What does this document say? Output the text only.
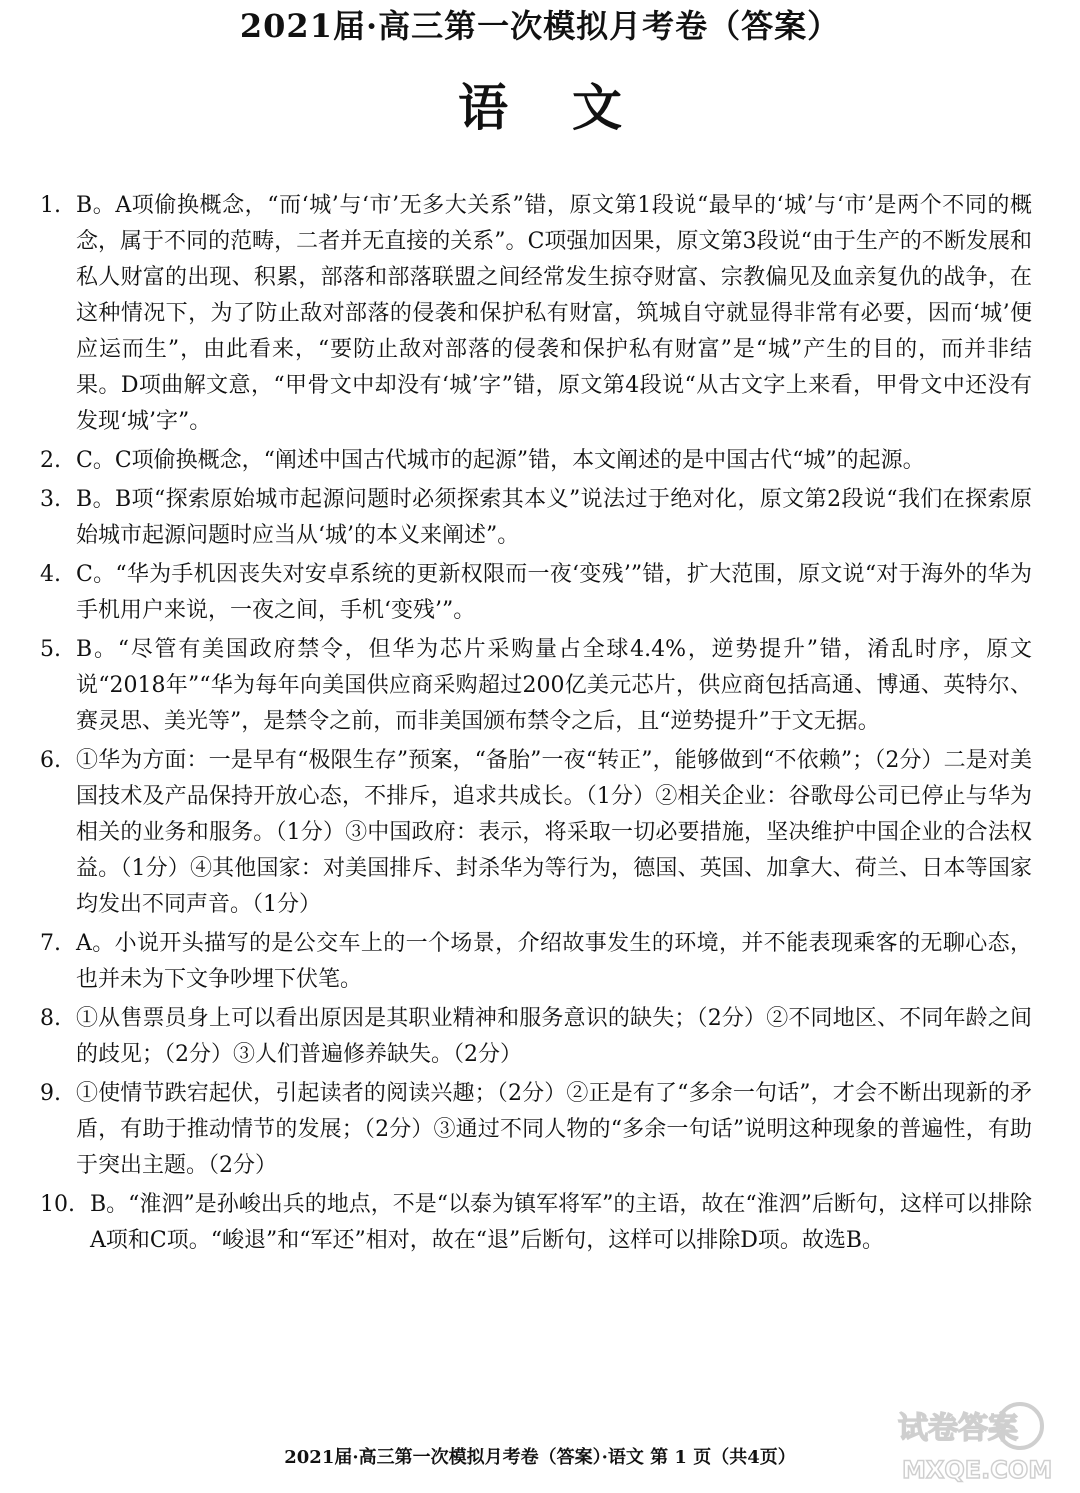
2021届·高三第一次模拟月考卷（答案）
语文
1. B。A项偷换概念，“而‘城’与‘市’无多大关系”错，原文第1段说“最早的‘城’与‘市’是两个不同的概念，属于不同的范畴，二者并无直接的关系”。C项强加因果，原文第3段说“由于生产的不断发展和私人财富的出现、积累，部落和部落联盟之间经常发生掠夺财富、宗教偏见及血亲复仇的战争，在这种情况下，为了防止敌对部落的侵袭和保护私有财富，筑城自守就显得非常有必要，因而‘城’便应运而生”，由此看来，“要防止敌对部落的侵袭和保护私有财富”是“城”产生的目的，而并非结果。D项曲解文意，“甲骨文中却没有‘城’字”错，原文第4段说“从古文字上来看，甲骨文中还没有发现‘城’字”。
2. C。C项偷换概念，“阐述中国古代城市的起源”错，本文阐述的是中国古代“城”的起源。
3. B。B项“探索原始城市起源问题时必须探索其本义”说法过于绝对化，原文第2段说“我们在探索原始城市起源问题时应当从‘城’的本义来阐述”。
4. C。“华为手机因丧失对安卓系统的更新权限而一夜‘变残’”错，扩大范围，原文说“对于海外的华为手机用户来说，一夜之间，手机‘变残’”。
5. B。“尽管有美国政府禁令，但华为芯片采购量占全球4.4%，逆势提升”错，淆乱时序，原文说“2018年”“华为每年向美国供应商采购超过200亿美元芯片，供应商包括高通、博通、英特尔、赛灵思、美光等”，是禁令之前，而非美国颁布禁令之后，且“逆势提升”于文无据。
6. ①华为方面：一是早有“极限生存”预案，“备胎”一夜“转正”，能够做到“不依赖”；（2分）二是对美国技术及产品保持开放心态，不排斥，追求共成长。（1分）②相关企业：谷歌母公司已停止与华为相关的业务和服务。（1分）③中国政府：表示，将采取一切必要措施，坚决维护中国企业的合法权益。（1分）④其他国家：对美国排斥、封杀华为等行为，德国、英国、加拿大、荷兰、日本等国家均发出不同声音。（1分）
7. A。小说开头描写的是公交车上的一个场景，介绍故事发生的环境，并不能表现乘客的无聊心态，也并未为下文争吵埋下伏笔。
8. ①从售票员身上可以看出原因是其职业精神和服务意识的缺失；（2分）②不同地区、不同年龄之间的歧见；（2分）③人们普遍修养缺失。（2分）
9. ①使情节跌宕起伏，引起读者的阅读兴趣；（2分）②正是有了“多余一句话”，才会不断出现新的矛盾，有助于推动情节的发展；（2分）③通过不同人物的“多余一句话”说明这种现象的普遍性，有助于突出主题。（2分）
10. B。“淮泗”是孙峻出兵的地点，不是“以泰为镇军将军”的主语，故在“淮泗”后断句，这样可以排除A项和C项。“峻退”和“军还”相对，故在“退”后断句，这样可以排除D项。故选B。
试卷答案
MXQE.COM
2021届·高三第一次模拟月考卷（答案）·语文 第 1 页（共4页）
